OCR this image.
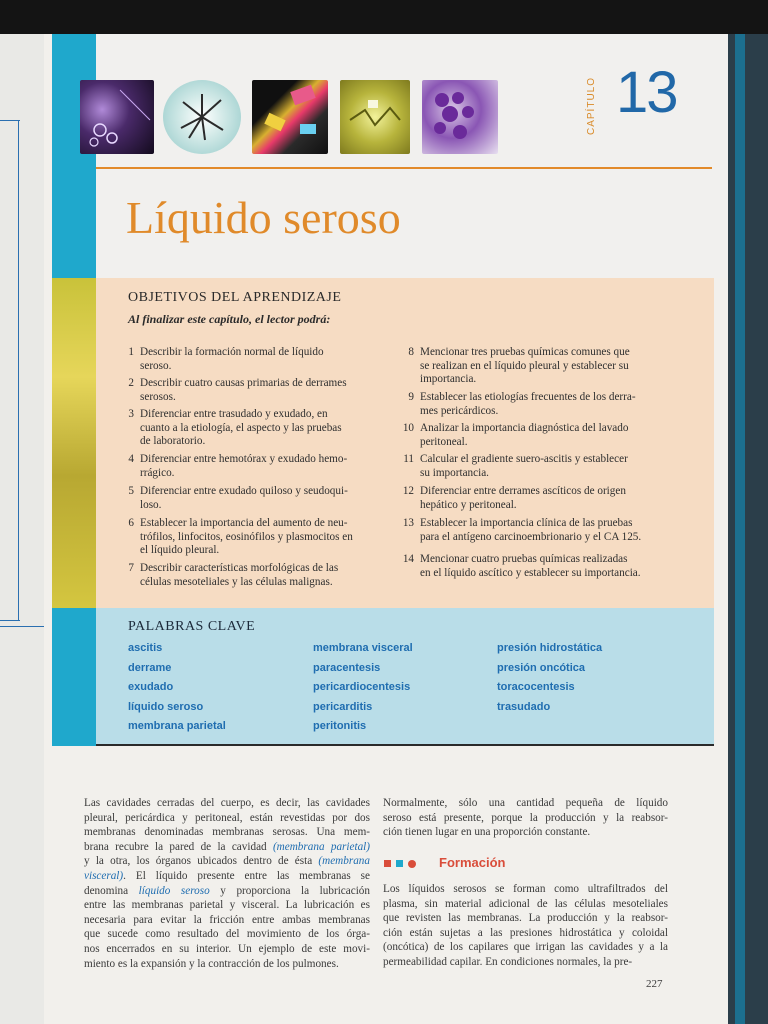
CAPÍTULO 13
Líquido seroso
OBJETIVOS DEL APRENDIZAJE
Al finalizar este capítulo, el lector podrá:
1 Describir la formación normal de líquido
seroso.
2 Describir cuatro causas primarias de derrames
serosos.
3 Diferenciar entre trasudado y exudado, en
cuanto a la etiología, el aspecto y las pruebas
de laboratorio.
4 Diferenciar entre hemotórax y exudado hemo-
rrágico.
5 Diferenciar entre exudado quiloso y seudoqui-
loso.
6 Establecer la importancia del aumento de neu-
trófilos, linfocitos, eosinófilos y plasmocitos en
el líquido pleural.
7 Describir características morfológicas de las
células mesoteliales y las células malignas.
8 Mencionar tres pruebas químicas comunes que
se realizan en el líquido pleural y establecer su
importancia.
9 Establecer las etiologías frecuentes de los derra-
mes pericárdicos.
10 Analizar la importancia diagnóstica del lavado
peritoneal.
11 Calcular el gradiente suero-ascitis y establecer
su importancia.
12 Diferenciar entre derrames ascíticos de origen
hepático y peritoneal.
13 Establecer la importancia clínica de las pruebas
para el antígeno carcinoembrionario y el CA 125.
14 Mencionar cuatro pruebas químicas realizadas
en el líquido ascítico y establecer su importancia.
PALABRAS CLAVE
ascitis
derrame
exudado
líquido seroso
membrana parietal
membrana visceral
paracentesis
pericardiocentesis
pericarditis
peritonitis
presión hidrostática
presión oncótica
toracocentesis
trasudado
Las cavidades cerradas del cuerpo, es decir, las cavidades
pleural, pericárdica y peritoneal, están revestidas por dos
membranas denominadas membranas serosas. Una mem-
brana recubre la pared de la cavidad (membrana parietal)
y la otra, los órganos ubicados dentro de ésta (membrana
visceral). El líquido presente entre las membranas se
denomina líquido seroso y proporciona la lubricación
entre las membranas parietal y visceral. La lubricación es
necesaria para evitar la fricción entre ambas membranas
que sucede como resultado del movimiento de los órga-
nos encerrados en su interior. Un ejemplo de este movi-
miento es la expansión y la contracción de los pulmones.
Normalmente, sólo una cantidad pequeña de líquido
seroso está presente, porque la producción y la reabsor-
ción tienen lugar en una proporción constante.
Formación
Los líquidos serosos se forman como ultrafiltrados del
plasma, sin material adicional de las células mesoteliales
que revisten las membranas. La producción y la reabsor-
ción están sujetas a las presiones hidrostática y coloidal
(oncótica) de los capilares que irrigan las cavidades y a la
permeabilidad capilar. En condiciones normales, la pre-
227
